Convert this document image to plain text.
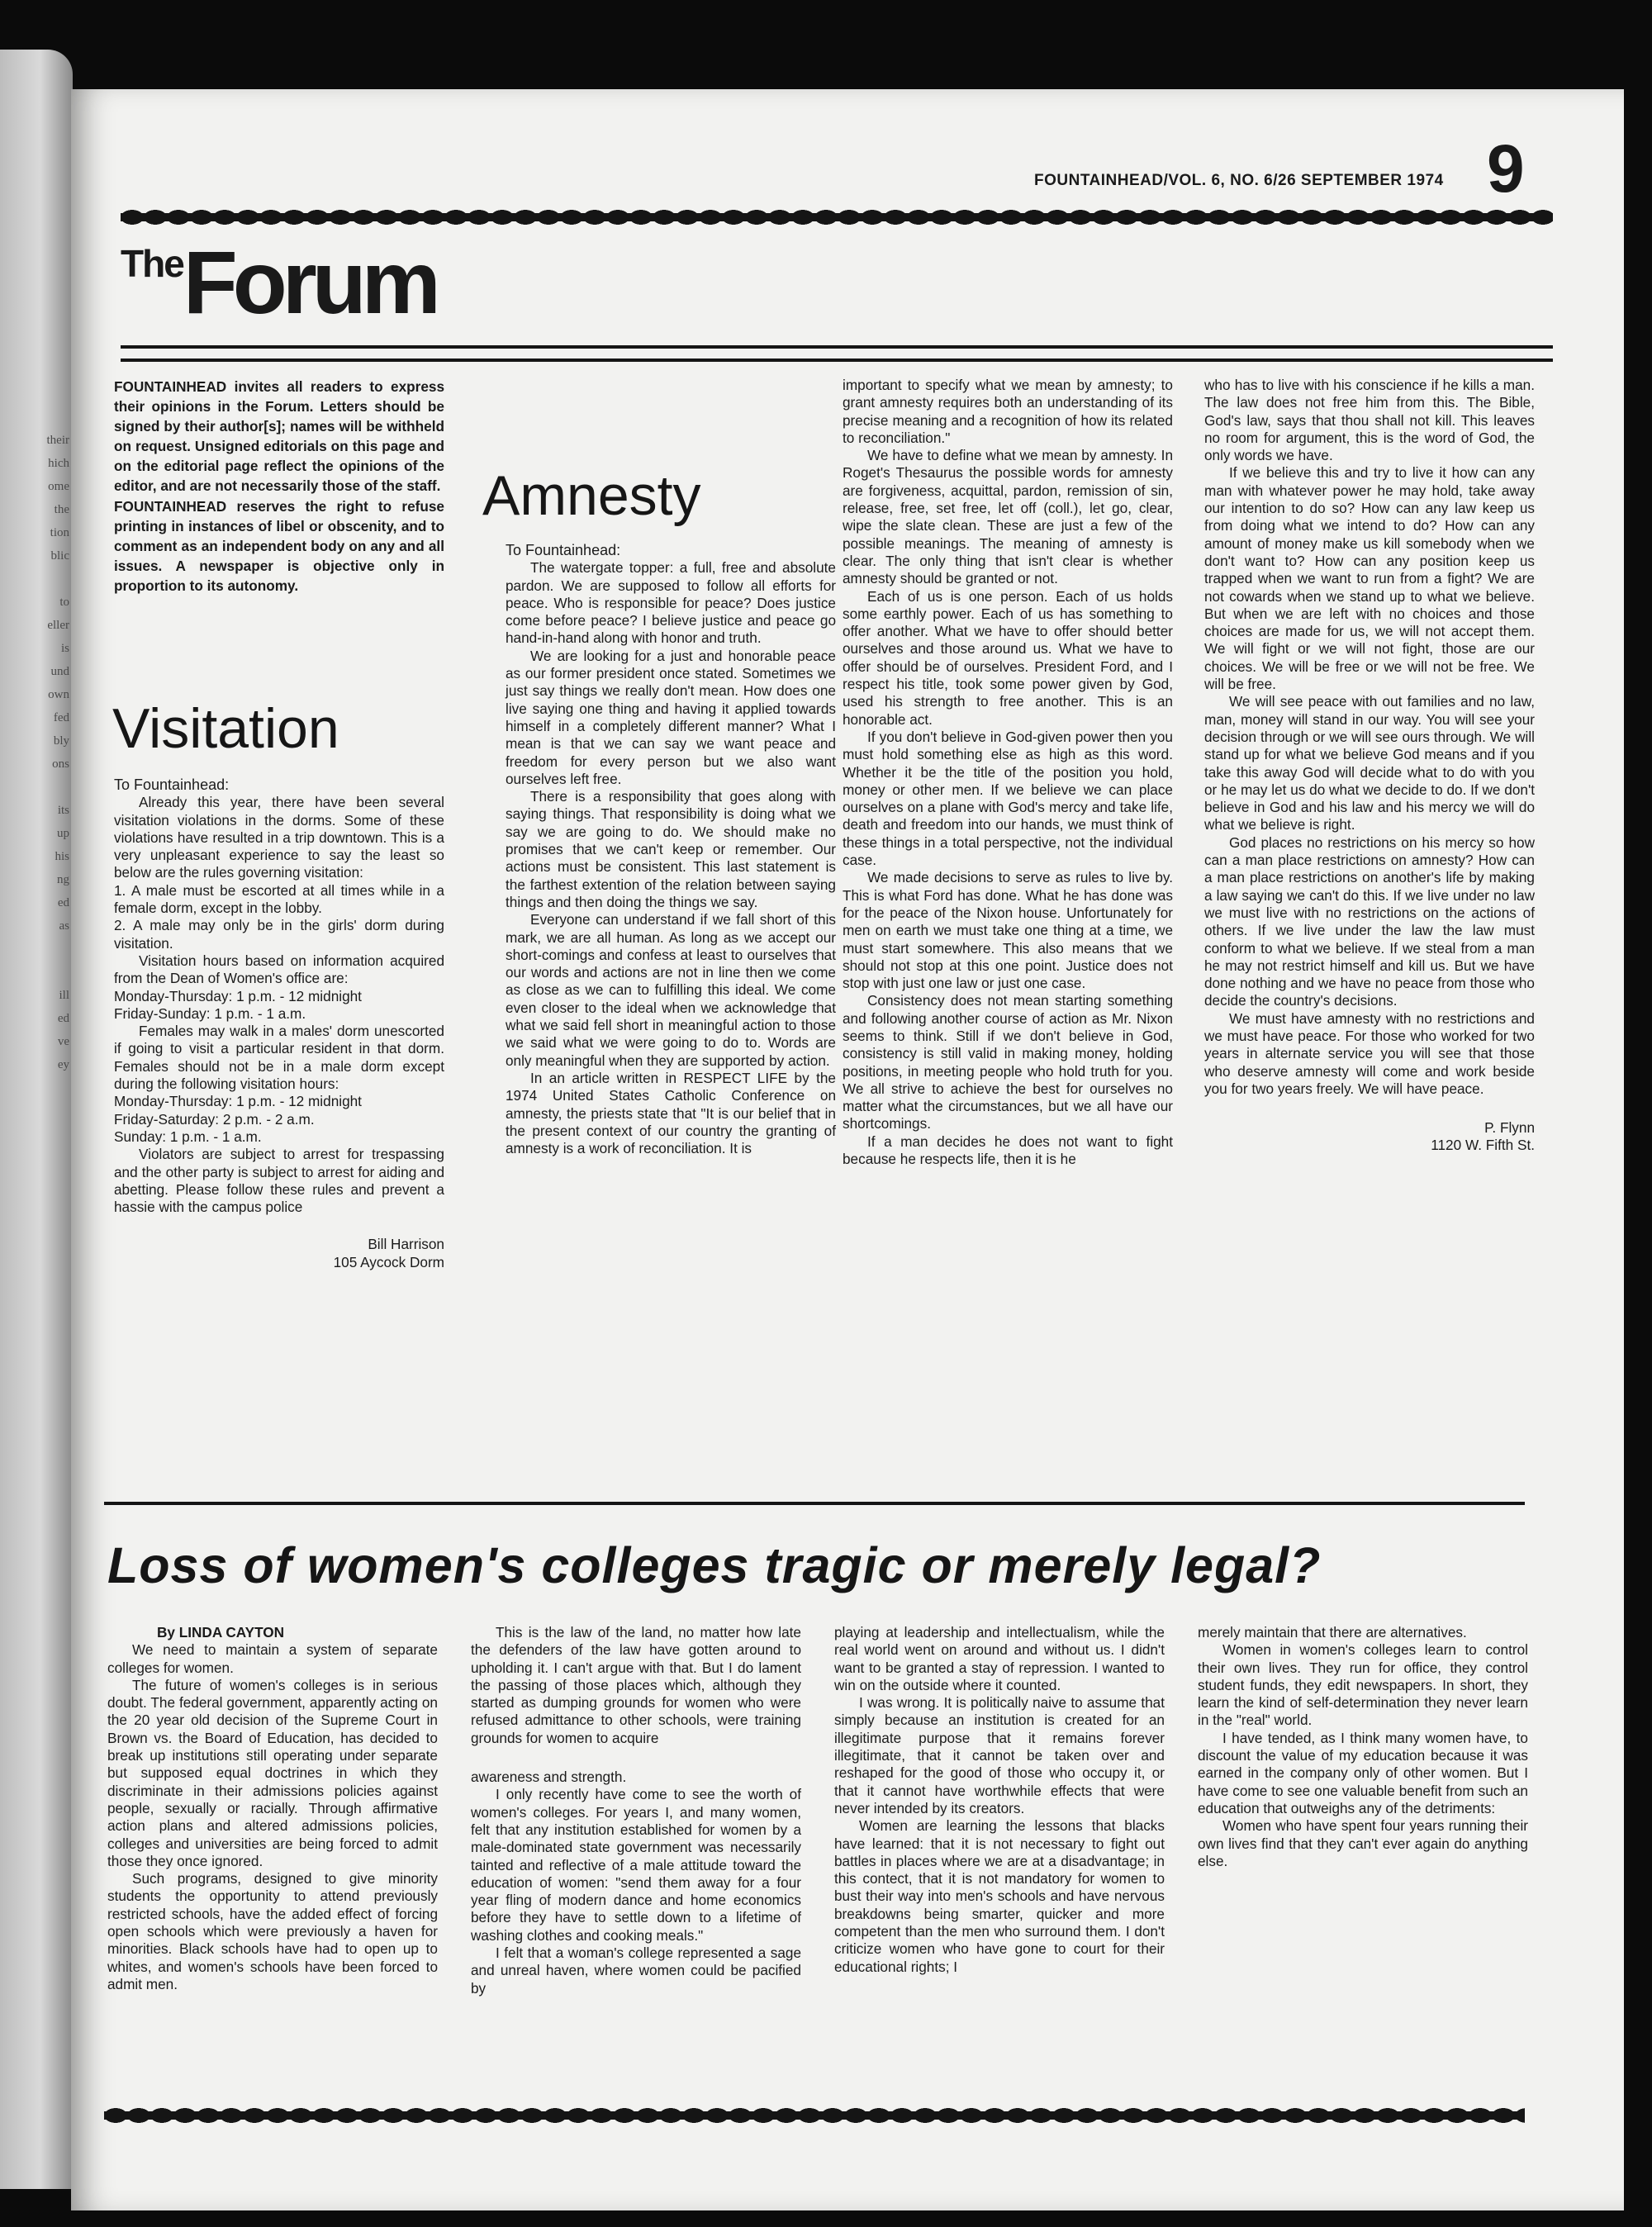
their
hich
ome
the
tion
blic
to
eller
is
und
own
fed
bly
ons
its
up
his
ng
ed
as
ill
ed
ve
ey
FOUNTAINHEAD/VOL. 6, NO. 6/26 SEPTEMBER 1974 9
$^{The}$Forum

FOUNTAINHEAD invites all readers to express their opinions in the Forum. Letters should be signed by their author[s]; names will be withheld on request. Unsigned editorials on this page and on the editorial page reflect the opinions of the editor, and are not necessarily those of the staff.

FOUNTAINHEAD reserves the right to refuse printing in instances of libel or obscenity, and to comment as an independent body on any and all issues. A newspaper is objective only in proportion to its autonomy.

Visitation

To Fountainhead:

Already this year, there have been several visitation violations in the dorms. Some of these violations have resulted in a trip downtown. This is a very unpleasant experience to say the least so below are the rules governing visitation:

1. A male must be escorted at all times while in a female dorm, except in the lobby.

2. A male may only be in the girls' dorm during visitation.

Visitation hours based on information acquired from the Dean of Women's office are:

Monday-Thursday: 1 p.m. - 12 midnight
Friday-Sunday: 1 p.m. - 1 a.m.

Females may walk in a males' dorm unescorted if going to visit a particular resident in that dorm. Females should not be in a male dorm except during the following visitation hours:

Monday-Thursday: 1 p.m. - 12 midnight
Friday-Saturday: 2 p.m. - 2 a.m.
Sunday: 1 p.m. - 1 a.m.

Violators are subject to arrest for trespassing and the other party is subject to arrest for aiding and abetting. Please follow these rules and prevent a hassie with the campus police

Bill Harrison
105 Aycock Dorm
Amnesty

To Fountainhead:

The watergate topper: a full, free and absolute pardon. We are supposed to follow all efforts for peace. Who is responsible for peace? Does justice come before peace? I believe justice and peace go hand-in-hand along with honor and truth.

We are looking for a just and honorable peace as our former president once stated. Sometimes we just say things we really don't mean. How does one live saying one thing and having it applied towards himself in a completely different manner? What I mean is that we can say we want peace and freedom for every person but we also want ourselves left free.

There is a responsibility that goes along with saying things. That responsibility is doing what we say we are going to do. We should make no promises that we can't keep or remember. Our actions must be consistent. This last statement is the farthest extention of the relation between saying things and then doing the things we say.

Everyone can understand if we fall short of this mark, we are all human. As long as we accept our short-comings and confess at least to ourselves that our words and actions are not in line then we come as close as we can to fulfilling this ideal. We come even closer to the ideal when we acknowledge that what we said fell short in meaningful action to those we said what we were going to do to. Words are only meaningful when they are supported by action.

In an article written in RESPECT LIFE by the 1974 United States Catholic Conference on amnesty, the priests state that "It is our belief that in the present context of our country the granting of amnesty is a work of reconciliation. It is

important to specify what we mean by amnesty; to grant amnesty requires both an understanding of its precise meaning and a recognition of how its related to reconciliation."

We have to define what we mean by amnesty. In Roget's Thesaurus the possible words for amnesty are forgiveness, acquittal, pardon, remission of sin, release, free, set free, let off (coll.), let go, clear, wipe the slate clean. These are just a few of the possible meanings. The meaning of amnesty is clear. The only thing that isn't clear is whether amnesty should be granted or not.

Each of us is one person. Each of us holds some earthly power. Each of us has something to offer another. What we have to offer should better ourselves and those around us. What we have to offer should be of ourselves. President Ford, and I respect his title, took some power given by God, used his strength to free another. This is an honorable act.

If you don't believe in God-given power then you must hold something else as high as this word. Whether it be the title of the position you hold, money or other men. If we believe we can place ourselves on a plane with God's mercy and take life, death and freedom into our hands, we must think of these things in a total perspective, not the individual case.

We made decisions to serve as rules to live by. This is what Ford has done. What he has done was for the peace of the Nixon house. Unfortunately for men on earth we must take one thing at a time, we must start somewhere. This also means that we should not stop at this one point. Justice does not stop with just one law or just one case.

Consistency does not mean starting something and following another course of action as Mr. Nixon seems to think. Still if we don't believe in God, consistency is still valid in making money, holding positions, in meeting people who hold truth for you. We all strive to achieve the best for ourselves no matter what the circumstances, but we all have our shortcomings.

If a man decides he does not want to fight because he respects life, then it is he

who has to live with his conscience if he kills a man. The law does not free him from this. The Bible, God's law, says that thou shall not kill. This leaves no room for argument, this is the word of God, the only words we have.

If we believe this and try to live it how can any man with whatever power he may hold, take away our intention to do so? How can any law keep us from doing what we intend to do? How can any amount of money make us kill somebody when we don't want to? How can any position keep us trapped when we want to run from a fight? We are not cowards when we stand up to what we believe. But when we are left with no choices and those choices are made for us, we will not accept them. We will fight or we will not fight, those are our choices. We will be free or we will not be free. We will be free.

We will see peace with out families and no law, man, money will stand in our way. You will see your decision through or we will see ours through. We will stand up for what we believe God means and if you take this away God will decide what to do with you or he may let us do what we decide to do. If we don't believe in God and his law and his mercy we will do what we believe is right.

God places no restrictions on his mercy so how can a man place restrictions on amnesty? How can a man place restrictions on another's life by making a law saying we can't do this. If we live under no law we must live with no restrictions on the actions of others. If we live under the law the law must conform to what we believe. If we steal from a man he may not restrict himself and kill us. But we have done nothing and we have no peace from those who decide the country's decisions.

We must have amnesty with no restrictions and we must have peace. For those who worked for two years in alternate service you will see that those who deserve amnesty will come and work beside you for two years freely. We will have peace.

P. Flynn
1120 W. Fifth St.
Loss of women's colleges tragic or merely legal?

By LINDA CAYTON

We need to maintain a system of separate colleges for women.

The future of women's colleges is in serious doubt. The federal government, apparently acting on the 20 year old decision of the Supreme Court in Brown vs. the Board of Education, has decided to break up institutions still operating under separate but supposed equal doctrines in which they discriminate in their admissions policies against people, sexually or racially. Through affirmative action plans and altered admissions policies, colleges and universities are being forced to admit those they once ignored.

Such programs, designed to give minority students the opportunity to attend previously restricted schools, have the added effect of forcing open schools which were previously a haven for minorities. Black schools have had to open up to whites, and women's schools have been forced to admit men.

This is the law of the land, no matter how late the defenders of the law have gotten around to upholding it. I can't argue with that. But I do lament the passing of those places which, although they started as dumping grounds for women who were refused admittance to other schools, were training grounds for women to acquire

awareness and strength.

I only recently have come to see the worth of women's colleges. For years I, and many women, felt that any institution established for women by a male-dominated state government was necessarily tainted and reflective of a male attitude toward the education of women: "send them away for a four year fling of modern dance and home economics before they have to settle down to a lifetime of washing clothes and cooking meals."

I felt that a woman's college represented a sage and unreal haven, where women could be pacified by

playing at leadership and intellectualism, while the real world went on around and without us. I didn't want to be granted a stay of repression. I wanted to win on the outside where it counted.

I was wrong. It is politically naive to assume that simply because an institution is created for an illegitimate purpose that it remains forever illegitimate, that it cannot be taken over and reshaped for the good of those who occupy it, or that it cannot have worthwhile effects that were never intended by its creators.

Women are learning the lessons that blacks have learned: that it is not necessary to fight out battles in places where we are at a disadvantage; in this contect, that it is not mandatory for women to bust their way into men's schools and have nervous breakdowns being smarter, quicker and more competent than the men who surround them. I don't criticize women who have gone to court for their educational rights; I

merely maintain that there are alternatives.

Women in women's colleges learn to control their own lives. They run for office, they control student funds, they edit newspapers. In short, they learn the kind of self-determination they never learn in the "real" world.

I have tended, as I think many women have, to discount the value of my education because it was earned in the company only of other women. But I have come to see one valuable benefit from such an education that outweighs any of the detriments:

Women who have spent four years running their own lives find that they can't ever again do anything else.
